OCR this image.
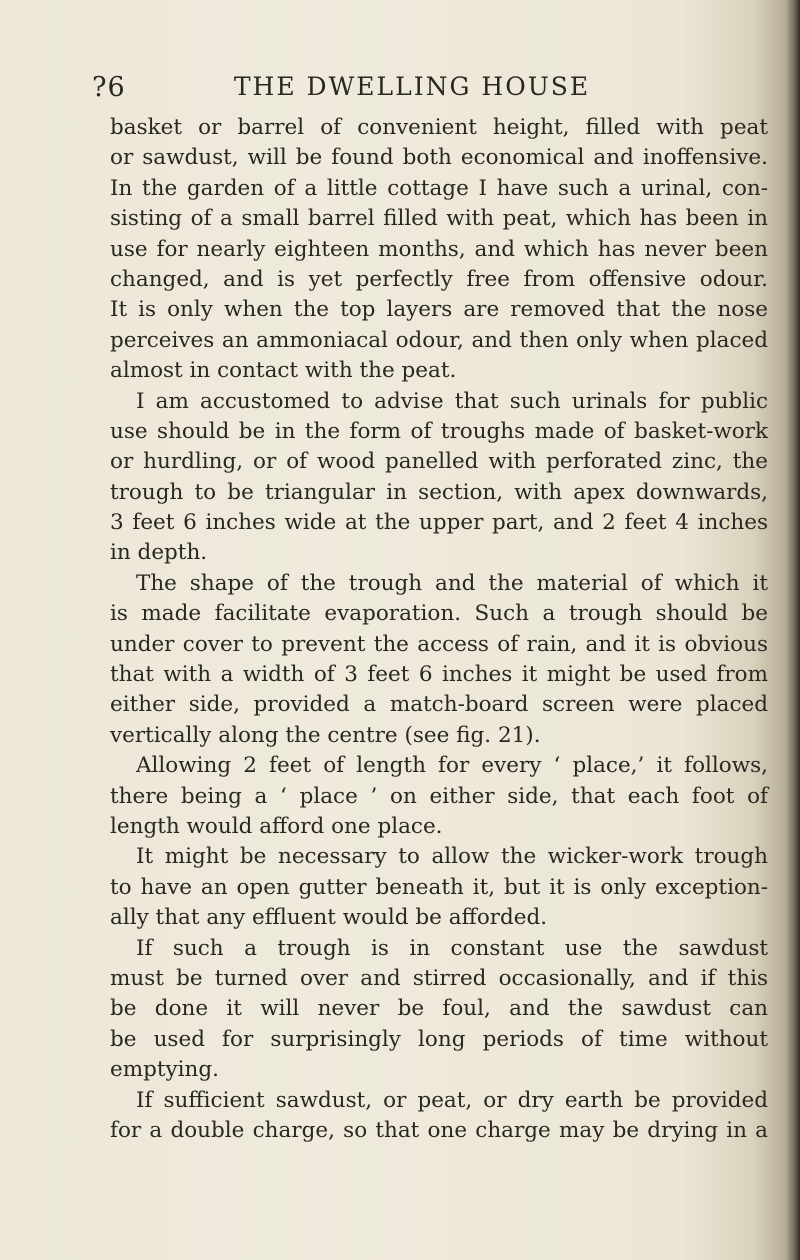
?6	THE DWELLING HOUSE
basket or barrel of convenient height, filled with peat
or sawdust, will be found both economical and inoffensive.
In the garden of a little cottage I have such a urinal, con-
sisting of a small barrel filled with peat, which has been in
use for nearly eighteen months, and which has never been
changed, and is yet perfectly free from offensive odour.
It is only when the top layers are removed that the nose
perceives an ammoniacal odour, and then only when placed
almost in contact with the peat.
I am accustomed to advise that such urinals for public
use should be in the form of troughs made of basket-work
or hurdling, or of wood panelled with perforated zinc, the
trough to be triangular in section, with apex downwards,
3 feet 6 inches wide at the upper part, and 2 feet 4 inches
in depth.
The shape of the trough and the material of which it
is made facilitate evaporation. Such a trough should be
under cover to prevent the access of rain, and it is obvious
that with a width of 3 feet 6 inches it might be used from
either side, provided a match-board screen were placed
vertically along the centre (see fig. 21).
Allowing 2 feet of length for every ‘ place,’ it follows,
there being a ‘ place ’ on either side, that each foot of
length would afford one place.
It might be necessary to allow the wicker-work trough
to have an open gutter beneath it, but it is only exception-
ally that any effluent would be afforded.
If such a trough is in constant use the sawdust
must be turned over and stirred occasionally, and if this
be done it will never be foul, and the sawdust can
be used for surprisingly long periods of time without
emptying.
If sufficient sawdust, or peat, or dry earth be provided
for a double charge, so that one charge may be drying in a
